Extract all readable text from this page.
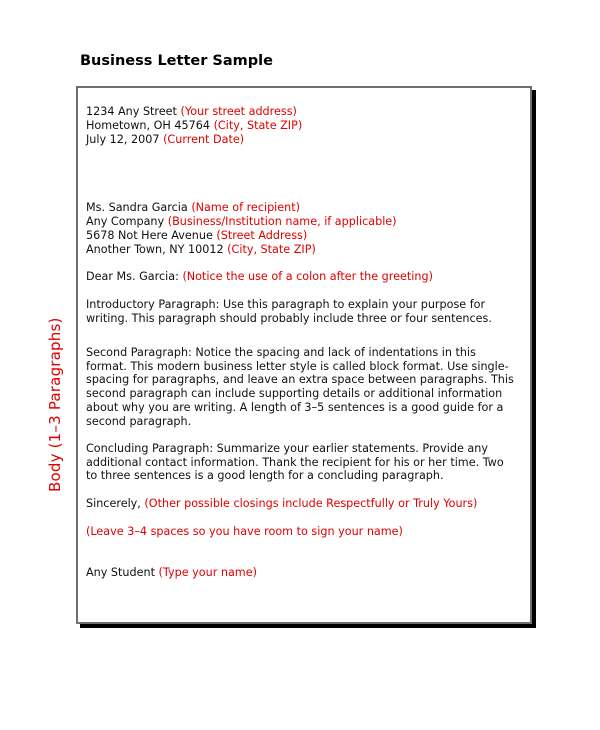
Business Letter Sample
Body (1–3 Paragraphs)
1234 Any Street (Your street address)
Hometown, OH 45764 (City, State ZIP)
July 12, 2007 (Current Date)
Ms. Sandra Garcia (Name of recipient)
Any Company (Business/Institution name, if applicable)
5678 Not Here Avenue (Street Address)
Another Town, NY 10012 (City, State ZIP)
Dear Ms. Garcia: (Notice the use of a colon after the greeting)
Introductory Paragraph: Use this paragraph to explain your purpose for
writing. This paragraph should probably include three or four sentences.
Second Paragraph: Notice the spacing and lack of indentations in this
format. This modern business letter style is called block format. Use single-
spacing for paragraphs, and leave an extra space between paragraphs. This
second paragraph can include supporting details or additional information
about why you are writing. A length of 3–5 sentences is a good guide for a
second paragraph.
Concluding Paragraph: Summarize your earlier statements. Provide any
additional contact information. Thank the recipient for his or her time. Two
to three sentences is a good length for a concluding paragraph.
Sincerely, (Other possible closings include Respectfully or Truly Yours)
(Leave 3–4 spaces so you have room to sign your name)
Any Student (Type your name)
